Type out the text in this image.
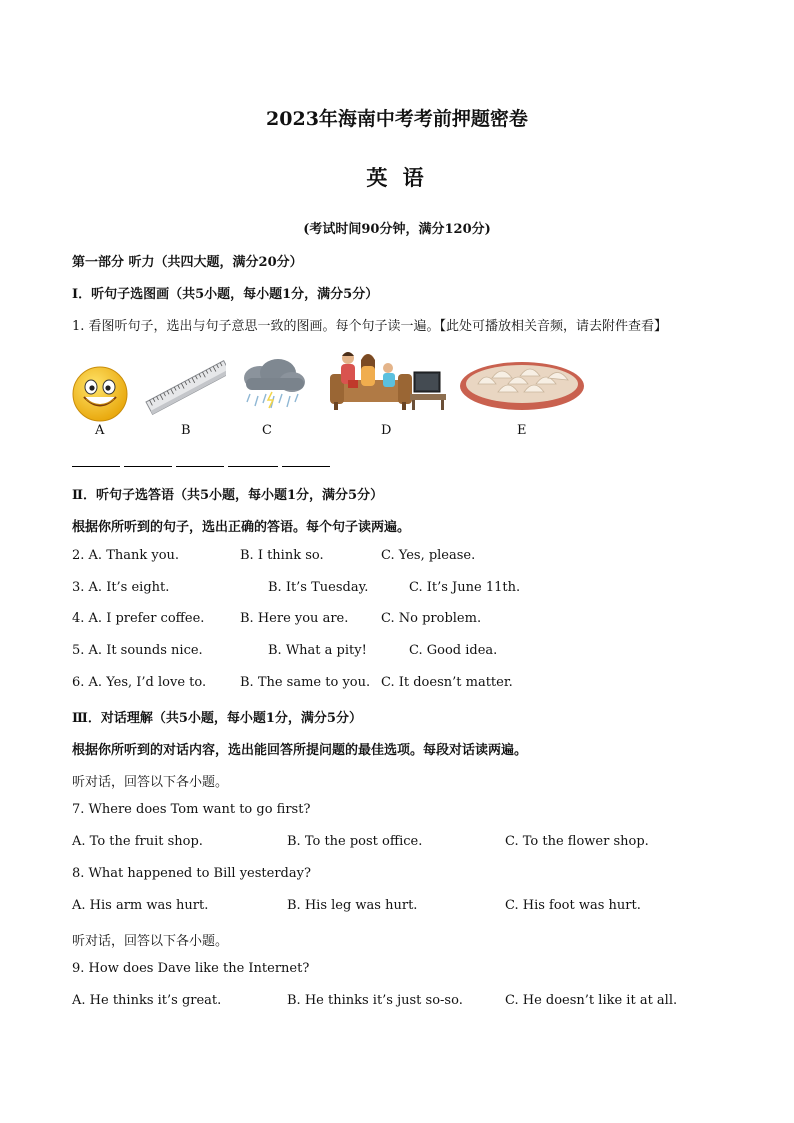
2023年海南中考考前押题密卷
英 语
(考试时间90分钟，满分120分)
第一部分 听力（共四大题，满分20分）
Ⅰ．听句子选图画（共5小题，每小题1分，满分5分）
1. 看图听句子，选出与句子意思一致的图画。每个句子读一遍。【此处可播放相关音频，请去附件查看】
A	B	C	D	E
Ⅱ．听句子选答语（共5小题，每小题1分，满分5分）
根据你所听到的句子，选出正确的答语。每个句子读两遍。
2. A. Thank you.	B. I think so.	C. Yes, please.
3. A. It’s eight.	B. It’s Tuesday.	C. It’s June 11th.
4. A. I prefer coffee.	B. Here you are.	C. No problem.
5. A. It sounds nice.	B. What a pity!	C. Good idea.
6. A. Yes, I’d love to.	B. The same to you. C. It doesn’t matter.
Ⅲ．对话理解（共5小题，每小题1分，满分5分）
根据你所听到的对话内容，选出能回答所提问题的最佳选项。每段对话读两遍。
听对话，回答以下各小题。
7. Where does Tom want to go first?
A. To the fruit shop.	B. To the post office.	C. To the flower shop.
8. What happened to Bill yesterday?
A. His arm was hurt.	B. His leg was hurt.	C. His foot was hurt.
听对话，回答以下各小题。
9. How does Dave like the Internet?
A. He thinks it’s great.	B. He thinks it’s just so-so.	C. He doesn’t like it at all.
